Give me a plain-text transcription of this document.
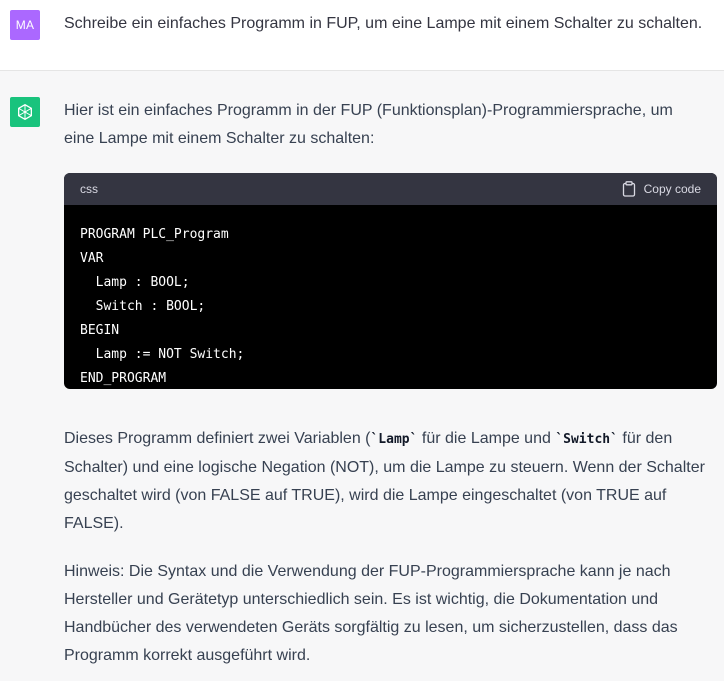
MA	Schreibe ein einfaches Programm in FUP, um eine Lampe mit einem Schalter zu schalten.

Hier ist ein einfaches Programm in der FUP (Funktionsplan)-Programmiersprache, um eine Lampe mit einem Schalter zu schalten:

css	Copy code
PROGRAM PLC_Program
VAR
Lamp : BOOL;
Switch : BOOL;
BEGIN
Lamp := NOT Switch;
END_PROGRAM

Dieses Programm definiert zwei Variablen (`Lamp` für die Lampe und `Switch` für den Schalter) und eine logische Negation (NOT), um die Lampe zu steuern. Wenn der Schalter geschaltet wird (von FALSE auf TRUE), wird die Lampe eingeschaltet (von TRUE auf FALSE).

Hinweis: Die Syntax und die Verwendung der FUP-Programmiersprache kann je nach Hersteller und Gerätetyp unterschiedlich sein. Es ist wichtig, die Dokumentation und Handbücher des verwendeten Geräts sorgfältig zu lesen, um sicherzustellen, dass das Programm korrekt ausgeführt wird.
